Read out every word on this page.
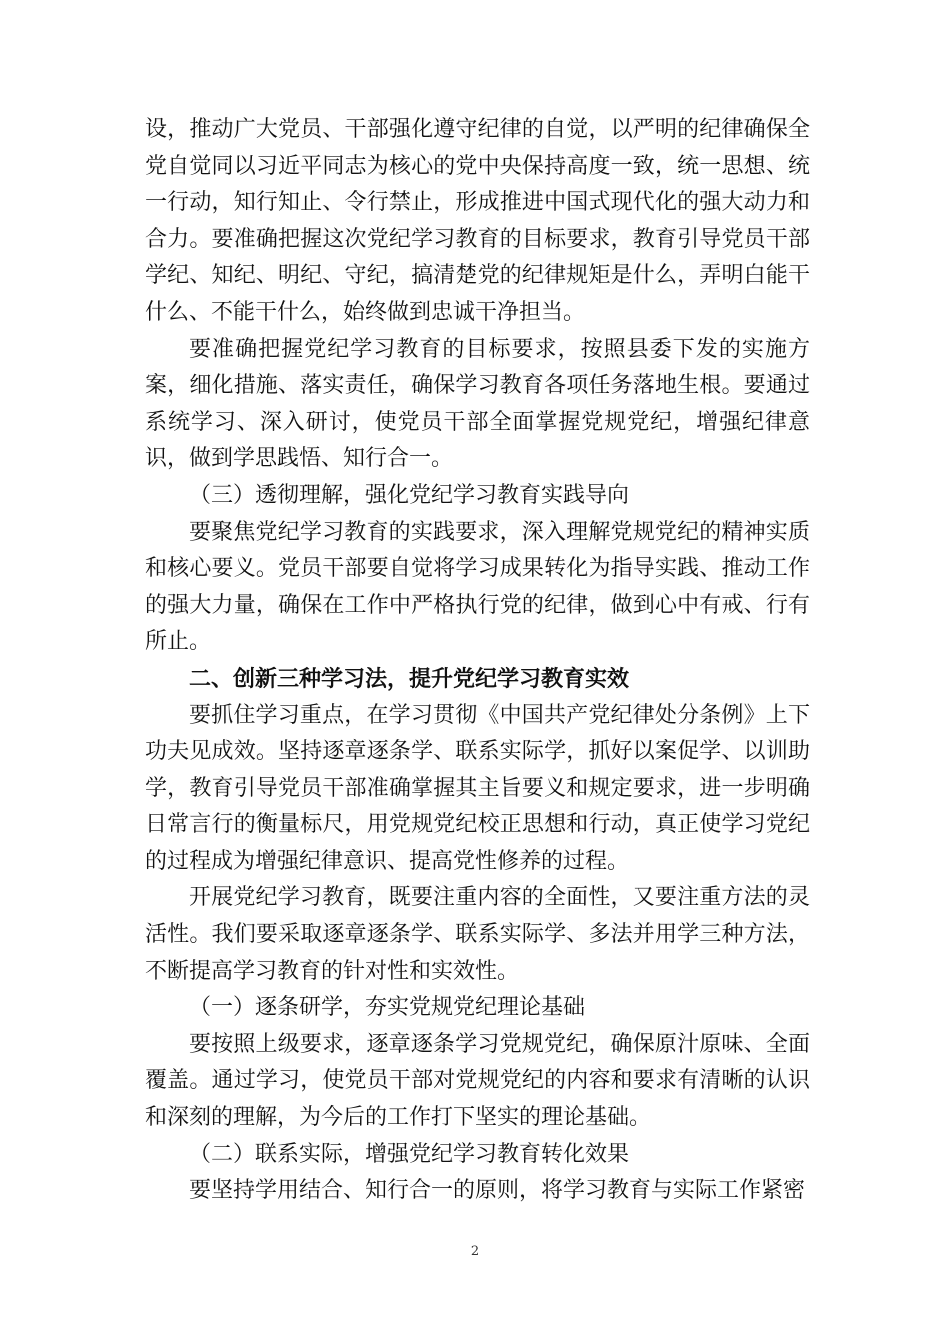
设，推动广大党员、干部强化遵守纪律的自觉，以严明的纪律确保全党自觉同以习近平同志为核心的党中央保持高度一致，统一思想、统一行动，知行知止、令行禁止，形成推进中国式现代化的强大动力和合力。要准确把握这次党纪学习教育的目标要求，教育引导党员干部学纪、知纪、明纪、守纪，搞清楚党的纪律规矩是什么，弄明白能干什么、不能干什么，始终做到忠诚干净担当。

要准确把握党纪学习教育的目标要求，按照县委下发的实施方案，细化措施、落实责任，确保学习教育各项任务落地生根。要通过系统学习、深入研讨，使党员干部全面掌握党规党纪，增强纪律意识，做到学思践悟、知行合一。

（三）透彻理解，强化党纪学习教育实践导向

要聚焦党纪学习教育的实践要求，深入理解党规党纪的精神实质和核心要义。党员干部要自觉将学习成果转化为指导实践、推动工作的强大力量，确保在工作中严格执行党的纪律，做到心中有戒、行有所止。

二、创新三种学习法，提升党纪学习教育实效

要抓住学习重点，在学习贯彻《中国共产党纪律处分条例》上下功夫见成效。坚持逐章逐条学、联系实际学，抓好以案促学、以训助学，教育引导党员干部准确掌握其主旨要义和规定要求，进一步明确日常言行的衡量标尺，用党规党纪校正思想和行动，真正使学习党纪的过程成为增强纪律意识、提高党性修养的过程。

开展党纪学习教育，既要注重内容的全面性，又要注重方法的灵活性。我们要采取逐章逐条学、联系实际学、多法并用学三种方法，不断提高学习教育的针对性和实效性。

（一）逐条研学，夯实党规党纪理论基础

要按照上级要求，逐章逐条学习党规党纪，确保原汁原味、全面覆盖。通过学习，使党员干部对党规党纪的内容和要求有清晰的认识和深刻的理解，为今后的工作打下坚实的理论基础。

（二）联系实际，增强党纪学习教育转化效果

要坚持学用结合、知行合一的原则，将学习教育与实际工作紧密

2
